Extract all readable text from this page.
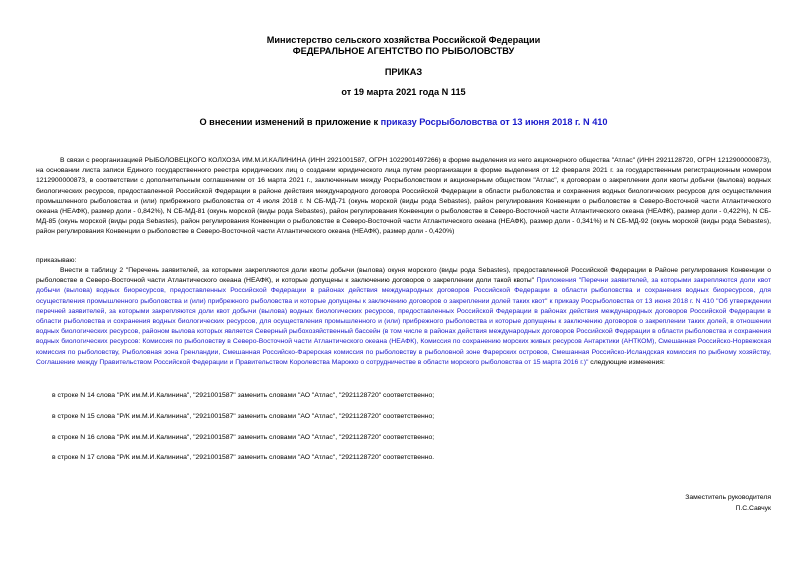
Министерство сельского хозяйства Российской Федерации
ФЕДЕРАЛЬНОЕ АГЕНТСТВО ПО РЫБОЛОВСТВУ
ПРИКАЗ
от 19 марта 2021 года N 115
О внесении изменений в приложение к приказу Росрыболовства от 13 июня 2018 г. N 410
В связи с реорганизацией РЫБОЛОВЕЦКОГО КОЛХОЗА ИМ.М.И.КАЛИНИНА (ИНН 2921001587, ОГРН 1022901497266) в форме выделения из него акционерного общества "Атлас" (ИНН 2921128720, ОГРН 1212900000873), на основании листа записи Единого государственного реестра юридических лиц о создании юридического лица путем реорганизации в форме выделения от 12 февраля 2021 г. за государственным регистрационным номером 1212900000873, в соответствии с дополнительным соглашением от 16 марта 2021 г., заключенным между Росрыболовством и акционерным обществом "Атлас", к договорам о закреплении доли квоты добычи (вылова) водных биологических ресурсов, предоставленной Российской Федерации в районе действия международного договора Российской Федерации в области рыболовства и сохранения водных биологических ресурсов для осуществления промышленного рыболовства и (или) прибрежного рыболовства от 4 июля 2018 г. N СБ-МД-71 (окунь морской (виды рода Sebastes), район регулирования Конвенции о рыболовстве в Северо-Восточной части Атлантического океана (НЕАФК), размер доли - 0,842%), N СБ-МД-81 (окунь морской (виды рода Sebastes), район регулирования Конвенции о рыболовстве в Северо-Восточной части Атлантического океана (НЕАФК), размер доли - 0,422%), N СБ-МД-85 (окунь морской (виды рода Sebastes), район регулирования Конвенции о рыболовстве в Северо-Восточной части Атлантического океана (НЕАФК), размер доли - 0,341%) и N СБ-МД-92 (окунь морской (виды рода Sebastes), район регулирования Конвенции о рыболовстве в Северо-Восточной части Атлантического океана (НЕАФК), размер доли - 0,420%)
приказываю:
Внести в таблицу 2 "Перечень заявителей, за которыми закрепляются доли квоты добычи (вылова) окуня морского (виды рода Sebastes), предоставленной Российской Федерации в Районе регулирования Конвенции о рыболовстве в Северо-Восточной части Атлантического океана (НЕАФК), и которые допущены к заключению договоров о закреплении доли такой квоты" Приложения "Перечни заявителей, за которыми закрепляются доли квот добычи (вылова) водных биоресурсов, предоставленных Российской Федерации в районах действия международных договоров Российской Федерации в области рыболовства и сохранения водных биоресурсов, для осуществления промышленного рыболовства и (или) прибрежного рыболовства и которые допущены к заключению договоров о закреплении долей таких квот" к приказу Росрыболовства от 13 июня 2018 г. N 410 "Об утверждении перечней заявителей, за которыми закрепляются доли квот добычи (вылова) водных биологических ресурсов, предоставленных Российской Федерации в районах действия международных договоров Российской Федерации в области рыболовства и сохранения водных биологических ресурсов, для осуществления промышленного и (или) прибрежного рыболовства и которые допущены к заключению договоров о закреплении таких долей, в отношении водных биологических ресурсов, районом вылова которых является Северный рыбохозяйственный бассейн (в том числе в районах действия международных договоров Российской Федерации в области рыболовства и сохранения водных биологических ресурсов: Комиссия по рыболовству в Северо-Восточной части Атлантического океана (НЕАФК), Комиссия по сохранению морских живых ресурсов Антарктики (АНТКОМ), Смешанная Российско-Норвежская комиссия по рыболовству, Рыболовная зона Гренландии, Смешанная Российско-Фарерская комиссия по рыболовству в рыболовной зоне Фарерских островов, Смешанная Российско-Исландская комиссия по рыбному хозяйству, Соглашение между Правительством Российской Федерации и Правительством Королевства Марокко о сотрудничестве в области морского рыболовства от 15 марта 2016 г.)" следующие изменения:
в строке N 14 слова "Р/К им.М.И.Калинина", "2921001587" заменить словами "АО "Атлас", "2921128720" соответственно;
в строке N 15 слова "Р/К им.М.И.Калинина", "2921001587" заменить словами "АО "Атлас", "2921128720" соответственно;
в строке N 16 слова "Р/К им.М.И.Калинина", "2921001587" заменить словами "АО "Атлас", "2921128720" соответственно;
в строке N 17 слова "Р/К им.М.И.Калинина", "2921001587" заменить словами "АО "Атлас", "2921128720" соответственно.
Заместитель руководителя
П.С.Савчук
